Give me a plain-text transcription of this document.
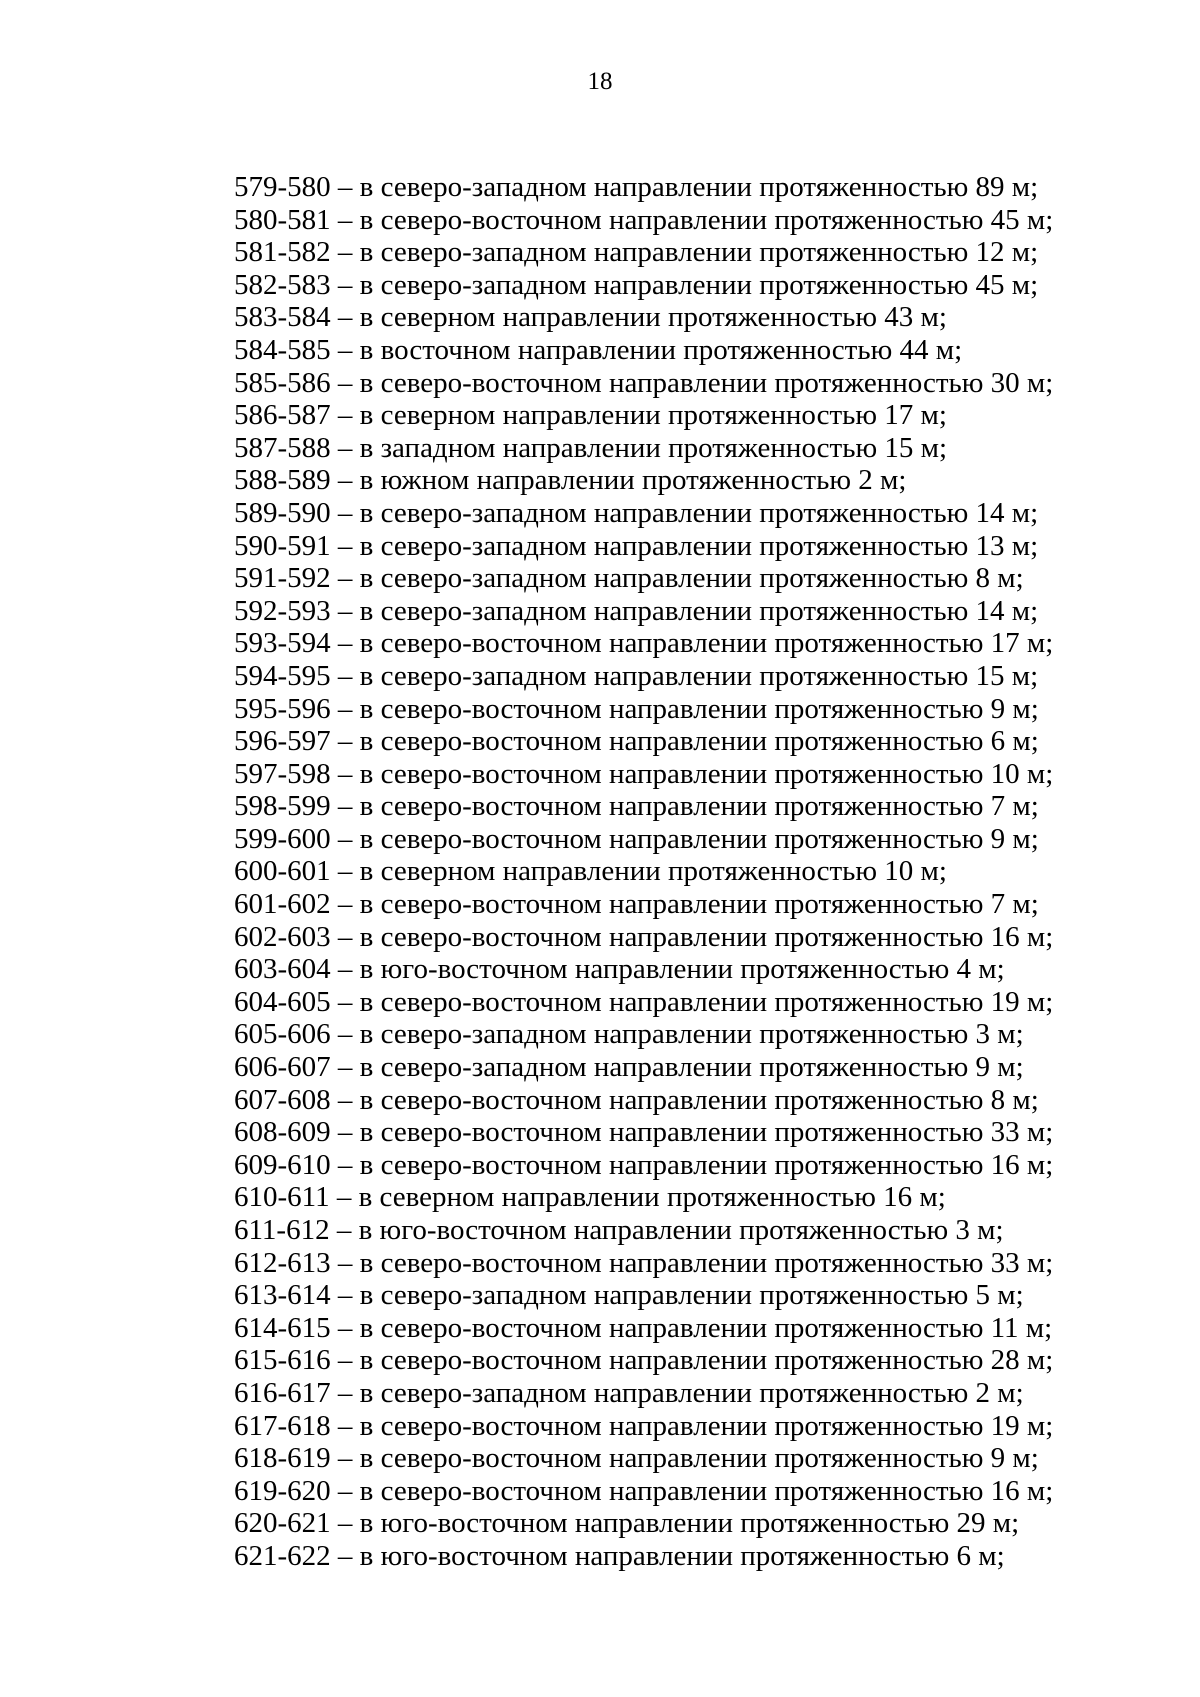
18
579-580 – в северо-западном направлении протяженностью 89 м;
580-581 – в северо-восточном направлении протяженностью 45 м;
581-582 – в северо-западном направлении протяженностью 12 м;
582-583 – в северо-западном направлении протяженностью 45 м;
583-584 – в северном направлении протяженностью 43 м;
584-585 – в восточном направлении протяженностью 44 м;
585-586 – в северо-восточном направлении протяженностью 30 м;
586-587 – в северном направлении протяженностью 17 м;
587-588 – в западном направлении протяженностью 15 м;
588-589 – в южном направлении протяженностью 2 м;
589-590 – в северо-западном направлении протяженностью 14 м;
590-591 – в северо-западном направлении протяженностью 13 м;
591-592 – в северо-западном направлении протяженностью 8 м;
592-593 – в северо-западном направлении протяженностью 14 м;
593-594 – в северо-восточном направлении протяженностью 17 м;
594-595 – в северо-западном направлении протяженностью 15 м;
595-596 – в северо-восточном направлении протяженностью 9 м;
596-597 – в северо-восточном направлении протяженностью 6 м;
597-598 – в северо-восточном направлении протяженностью 10 м;
598-599 – в северо-восточном направлении протяженностью 7 м;
599-600 – в северо-восточном направлении протяженностью 9 м;
600-601 – в северном направлении протяженностью 10 м;
601-602 – в северо-восточном направлении протяженностью 7 м;
602-603 – в северо-восточном направлении протяженностью 16 м;
603-604 – в юго-восточном направлении протяженностью 4 м;
604-605 – в северо-восточном направлении протяженностью 19 м;
605-606 – в северо-западном направлении протяженностью 3 м;
606-607 – в северо-западном направлении протяженностью 9 м;
607-608 – в северо-восточном направлении протяженностью 8 м;
608-609 – в северо-восточном направлении протяженностью 33 м;
609-610 – в северо-восточном направлении протяженностью 16 м;
610-611 – в северном направлении протяженностью 16 м;
611-612 – в юго-восточном направлении протяженностью 3 м;
612-613 – в северо-восточном направлении протяженностью 33 м;
613-614 – в северо-западном направлении протяженностью 5 м;
614-615 – в северо-восточном направлении протяженностью 11 м;
615-616 – в северо-восточном направлении протяженностью 28 м;
616-617 – в северо-западном направлении протяженностью 2 м;
617-618 – в северо-восточном направлении протяженностью 19 м;
618-619 – в северо-восточном направлении протяженностью 9 м;
619-620 – в северо-восточном направлении протяженностью 16 м;
620-621 – в юго-восточном направлении протяженностью 29 м;
621-622 – в юго-восточном направлении протяженностью 6 м;
